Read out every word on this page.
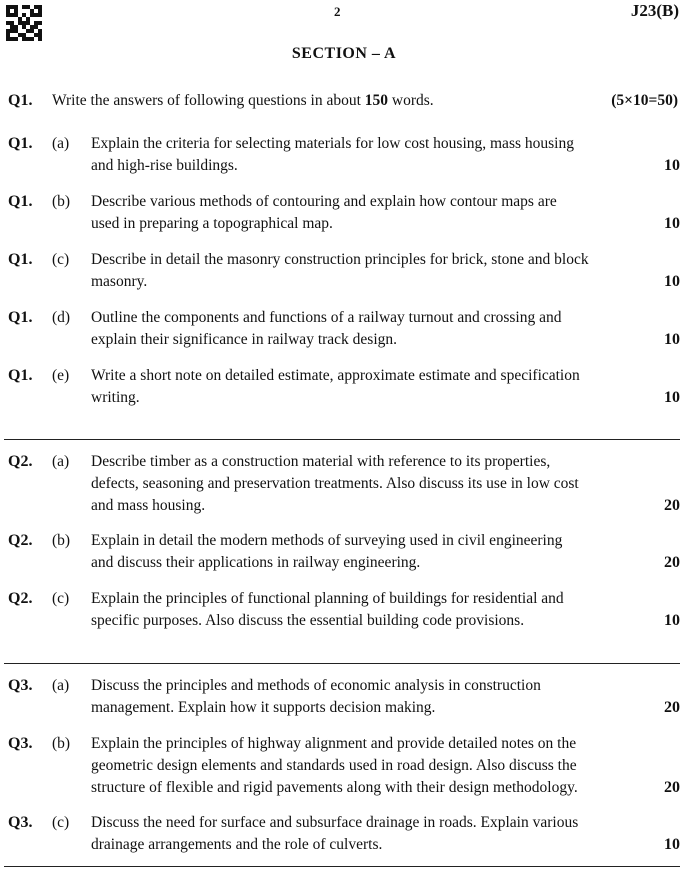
2	J23(B)
SECTION – A
Q1. Write the answers of following questions in about 150 words.	(5×10=50)
Q1. (a) Explain the criteria for selecting materials for low cost housing, mass housing
and high-rise buildings.	10
Q1. (b) Describe various methods of contouring and explain how contour maps are
used in preparing a topographical map.	10
Q1. (c) Describe in detail the masonry construction principles for brick, stone and block
masonry.	10
Q1. (d) Outline the components and functions of a railway turnout and crossing and
explain their significance in railway track design.	10
Q1. (e) Write a short note on detailed estimate, approximate estimate and specification
writing.	10
Q2. (a) Describe timber as a construction material with reference to its properties,
defects, seasoning and preservation treatments. Also discuss its use in low cost
and mass housing.	20
Q2. (b) Explain in detail the modern methods of surveying used in civil engineering
and discuss their applications in railway engineering.	20
Q2. (c) Explain the principles of functional planning of buildings for residential and
specific purposes. Also discuss the essential building code provisions.	10
Q3. (a) Discuss the principles and methods of economic analysis in construction
management. Explain how it supports decision making.	20
Q3. (b) Explain the principles of highway alignment and provide detailed notes on the
geometric design elements and standards used in road design. Also discuss the
structure of flexible and rigid pavements along with their design methodology.	20
Q3. (c) Discuss the need for surface and subsurface drainage in roads. Explain various
drainage arrangements and the role of culverts.	10
